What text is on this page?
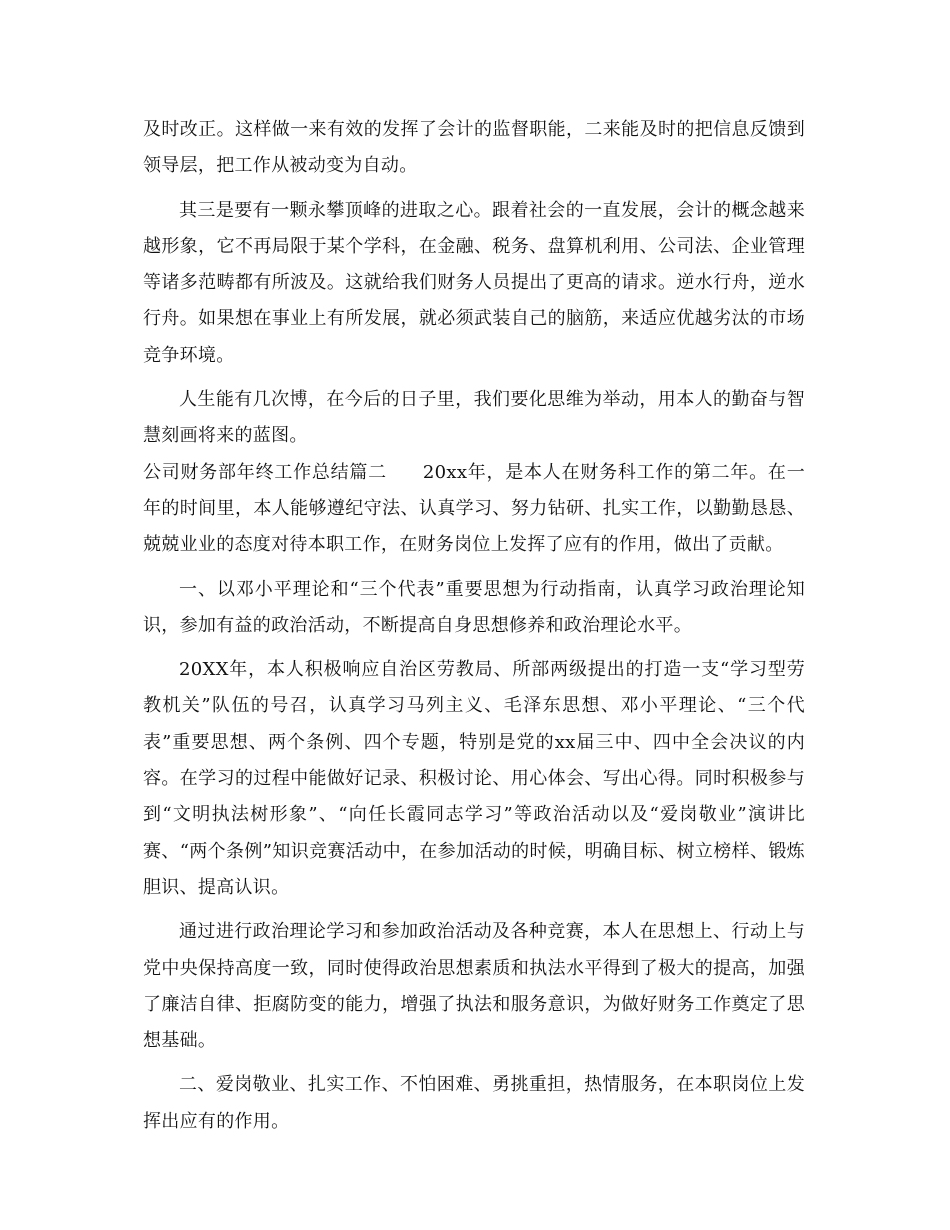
及时改正。这样做一来有效的发挥了会计的监督职能，二来能及时的把信息反馈到领导层，把工作从被动变为自动。

其三是要有一颗永攀顶峰的进取之心。跟着社会的一直发展，会计的概念越来越形象，它不再局限于某个学科，在金融、税务、盘算机利用、公司法、企业管理等诸多范畴都有所波及。这就给我们财务人员提出了更高的请求。逆水行舟，逆水行舟。如果想在事业上有所发展，就必须武装自己的脑筋，来适应优越劣汰的市场竞争环境。

人生能有几次博，在今后的日子里，我们要化思维为举动，用本人的勤奋与智慧刻画将来的蓝图。

公司财务部年终工作总结篇二 20xx年，是本人在财务科工作的第二年。在一年的时间里，本人能够遵纪守法、认真学习、努力钻研、扎实工作，以勤勤恳恳、兢兢业业的态度对待本职工作，在财务岗位上发挥了应有的作用，做出了贡献。

一、以邓小平理论和“三个代表”重要思想为行动指南，认真学习政治理论知识，参加有益的政治活动，不断提高自身思想修养和政治理论水平。

20XX年，本人积极响应自治区劳教局、所部两级提出的打造一支“学习型劳教机关”队伍的号召，认真学习马列主义、毛泽东思想、邓小平理论、“三个代表”重要思想、两个条例、四个专题，特别是党的xx届三中、四中全会决议的内容。在学习的过程中能做好记录、积极讨论、用心体会、写出心得。同时积极参与到“文明执法树形象”、“向任长霞同志学习”等政治活动以及“爱岗敬业”演讲比赛、“两个条例”知识竞赛活动中，在参加活动的时候，明确目标、树立榜样、锻炼胆识、提高认识。

通过进行政治理论学习和参加政治活动及各种竞赛，本人在思想上、行动上与党中央保持高度一致，同时使得政治思想素质和执法水平得到了极大的提高，加强了廉洁自律、拒腐防变的能力，增强了执法和服务意识，为做好财务工作奠定了思想基础。

二、爱岗敬业、扎实工作、不怕困难、勇挑重担，热情服务，在本职岗位上发挥出应有的作用。
